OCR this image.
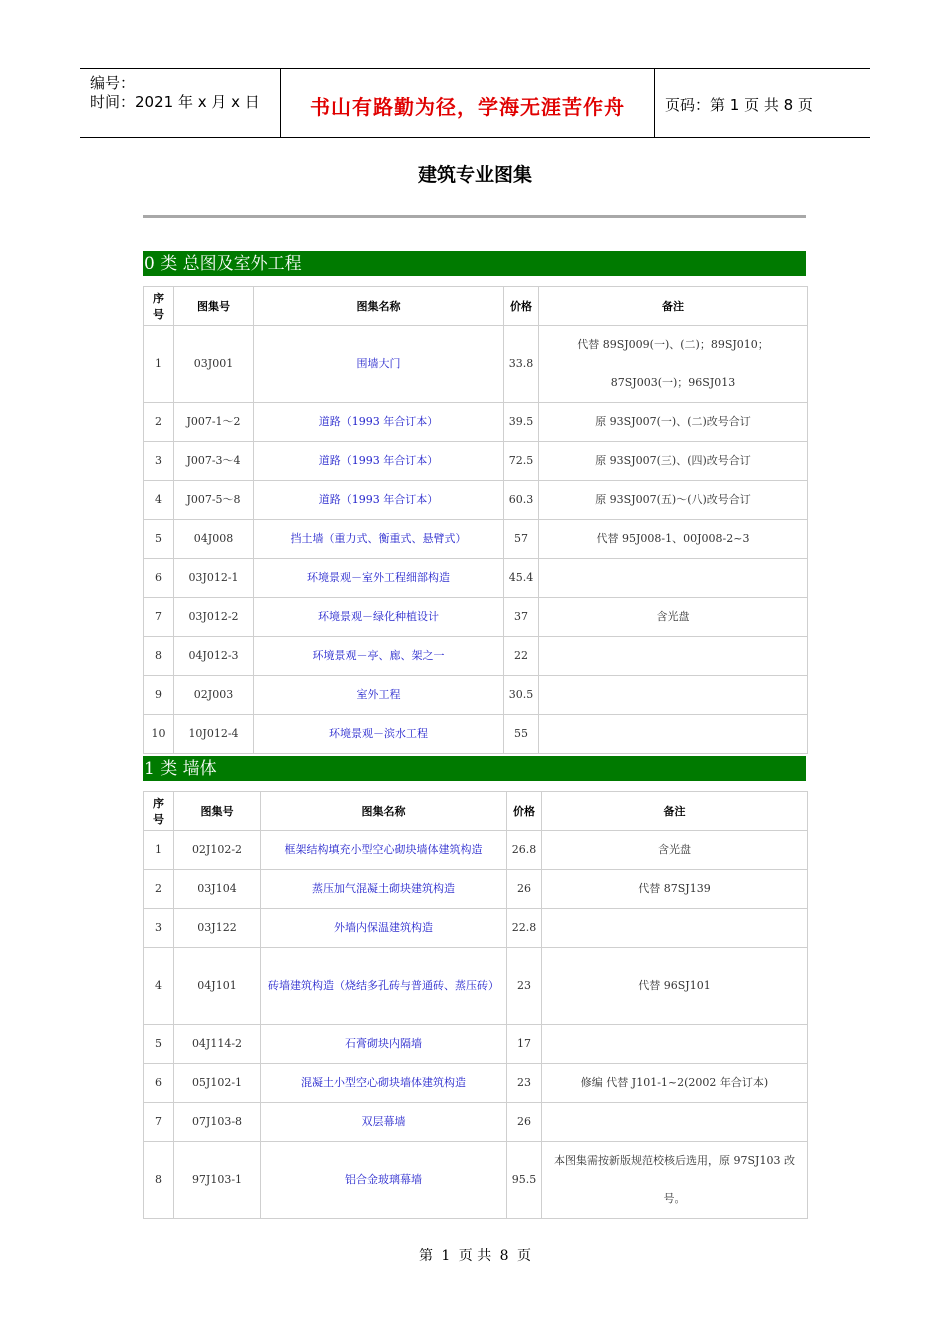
编号：
时间：2021 年 x 月 x 日	书山有路勤为径，学海无涯苦作舟	页码：第 1 页 共 8 页
建筑专业图集
0 类 总图及室外工程
序号	图集号	图集名称	价格	备注
1	03J001	围墙大门	33.8	代替 89SJ009(一)、(二)；89SJ010；87SJ003(一)；96SJ013
2	J007-1～2	道路（1993 年合订本）	39.5	原 93SJ007(一)、(二)改号合订
3	J007-3～4	道路（1993 年合订本）	72.5	原 93SJ007(三)、(四)改号合订
4	J007-5～8	道路（1993 年合订本）	60.3	原 93SJ007(五)～(八)改号合订
5	04J008	挡土墙（重力式、衡重式、悬臂式）	57	代替 95J008-1、00J008-2~3
6	03J012-1	环境景观－室外工程细部构造	45.4	
7	03J012-2	环境景观－绿化种植设计	37	含光盘
8	04J012-3	环境景观－亭、廊、架之一	22	
9	02J003	室外工程	30.5	
10	10J012-4	环境景观－滨水工程	55	
1 类 墙体
序号	图集号	图集名称	价格	备注
1	02J102-2	框架结构填充小型空心砌块墙体建筑构造	26.8	含光盘
2	03J104	蒸压加气混凝土砌块建筑构造	26	代替 87SJ139
3	03J122	外墙内保温建筑构造	22.8	
4	04J101	砖墙建筑构造（烧结多孔砖与普通砖、蒸压砖）	23	代替 96SJ101
5	04J114-2	石膏砌块内隔墙	17	
6	05J102-1	混凝土小型空心砌块墙体建筑构造	23	修编 代替 J101-1~2(2002 年合订本)
7	07J103-8	双层幕墙	26	
8	97J103-1	铝合金玻璃幕墙	95.5	本图集需按新版规范校核后选用，原 97SJ103 改号。
第 1 页 共 8 页
